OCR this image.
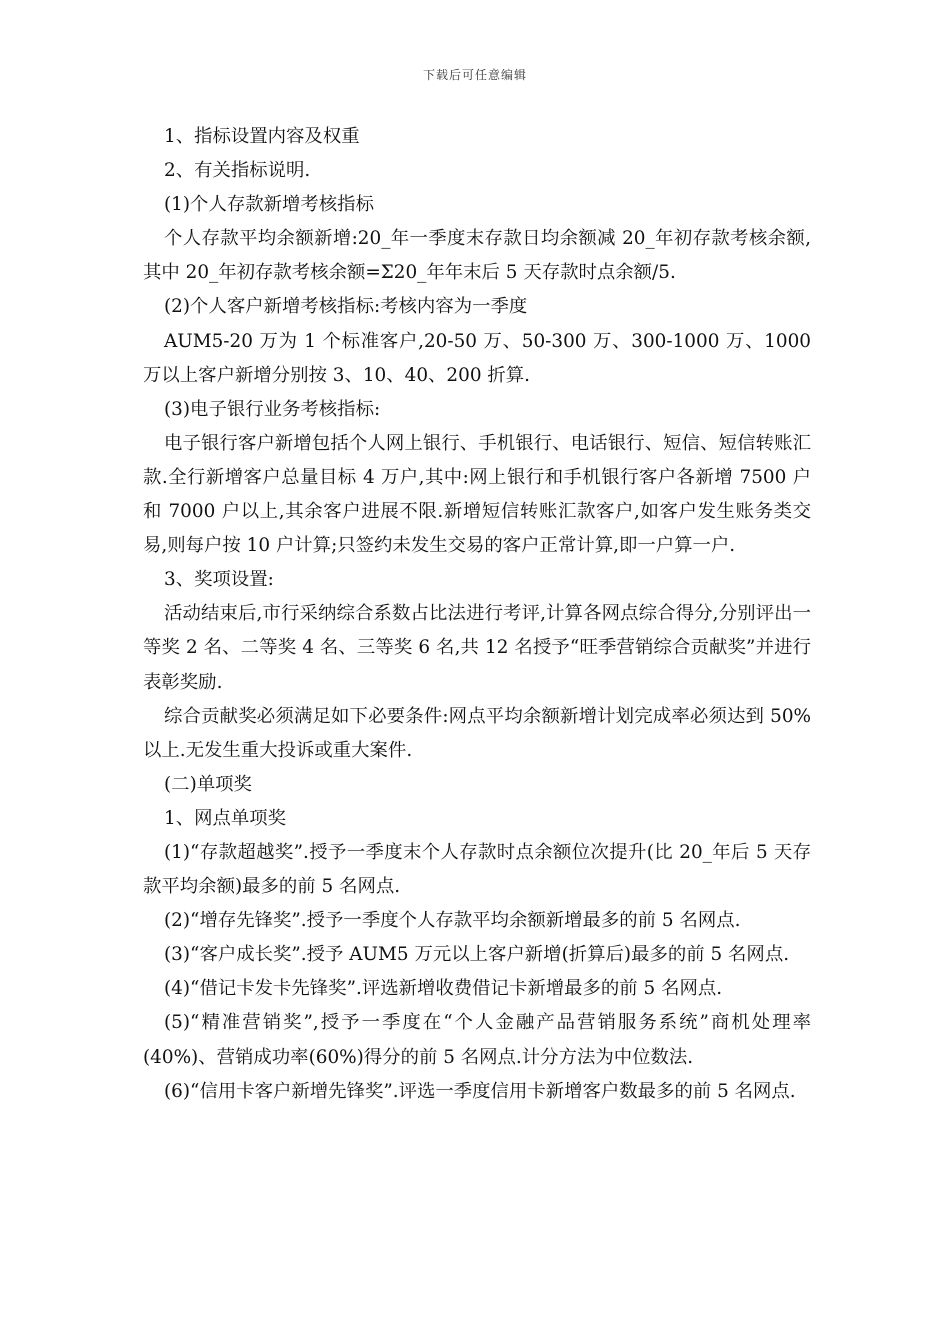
下载后可任意编辑

1、指标设置内容及权重

2、有关指标说明.

(1)个人存款新增考核指标

个人存款平均余额新增:20_年一季度末存款日均余额减 20_年初存款考核余额,其中 20_年初存款考核余额=Σ20_年年末后 5 天存款时点余额/5.

(2)个人客户新增考核指标:考核内容为一季度

AUM5-20 万为 1 个标准客户,20-50 万、50-300 万、300-1000 万、1000 万以上客户新增分别按 3、10、40、200 折算.

(3)电子银行业务考核指标:

电子银行客户新增包括个人网上银行、手机银行、电话银行、短信、短信转账汇款.全行新增客户总量目标 4 万户,其中:网上银行和手机银行客户各新增 7500 户和 7000 户以上,其余客户进展不限.新增短信转账汇款客户,如客户发生账务类交易,则每户按 10 户计算;只签约未发生交易的客户正常计算,即一户算一户.

3、奖项设置:

活动结束后,市行采纳综合系数占比法进行考评,计算各网点综合得分,分别评出一等奖 2 名、二等奖 4 名、三等奖 6 名,共 12 名授予“旺季营销综合贡献奖”并进行表彰奖励.

综合贡献奖必须满足如下必要条件:网点平均余额新增计划完成率必须达到 50%以上.无发生重大投诉或重大案件.

(二)单项奖

1、网点单项奖

(1)“存款超越奖”.授予一季度末个人存款时点余额位次提升(比 20_年后 5 天存款平均余额)最多的前 5 名网点.

(2)“增存先锋奖”.授予一季度个人存款平均余额新增最多的前 5 名网点.

(3)“客户成长奖”.授予 AUM5 万元以上客户新增(折算后)最多的前 5 名网点.

(4)“借记卡发卡先锋奖”.评选新增收费借记卡新增最多的前 5 名网点.

(5)“精准营销奖”,授予一季度在“个人金融产品营销服务系统”商机处理率(40%)、营销成功率(60%)得分的前 5 名网点.计分方法为中位数法.

(6)“信用卡客户新增先锋奖”.评选一季度信用卡新增客户数最多的前 5 名网点.
